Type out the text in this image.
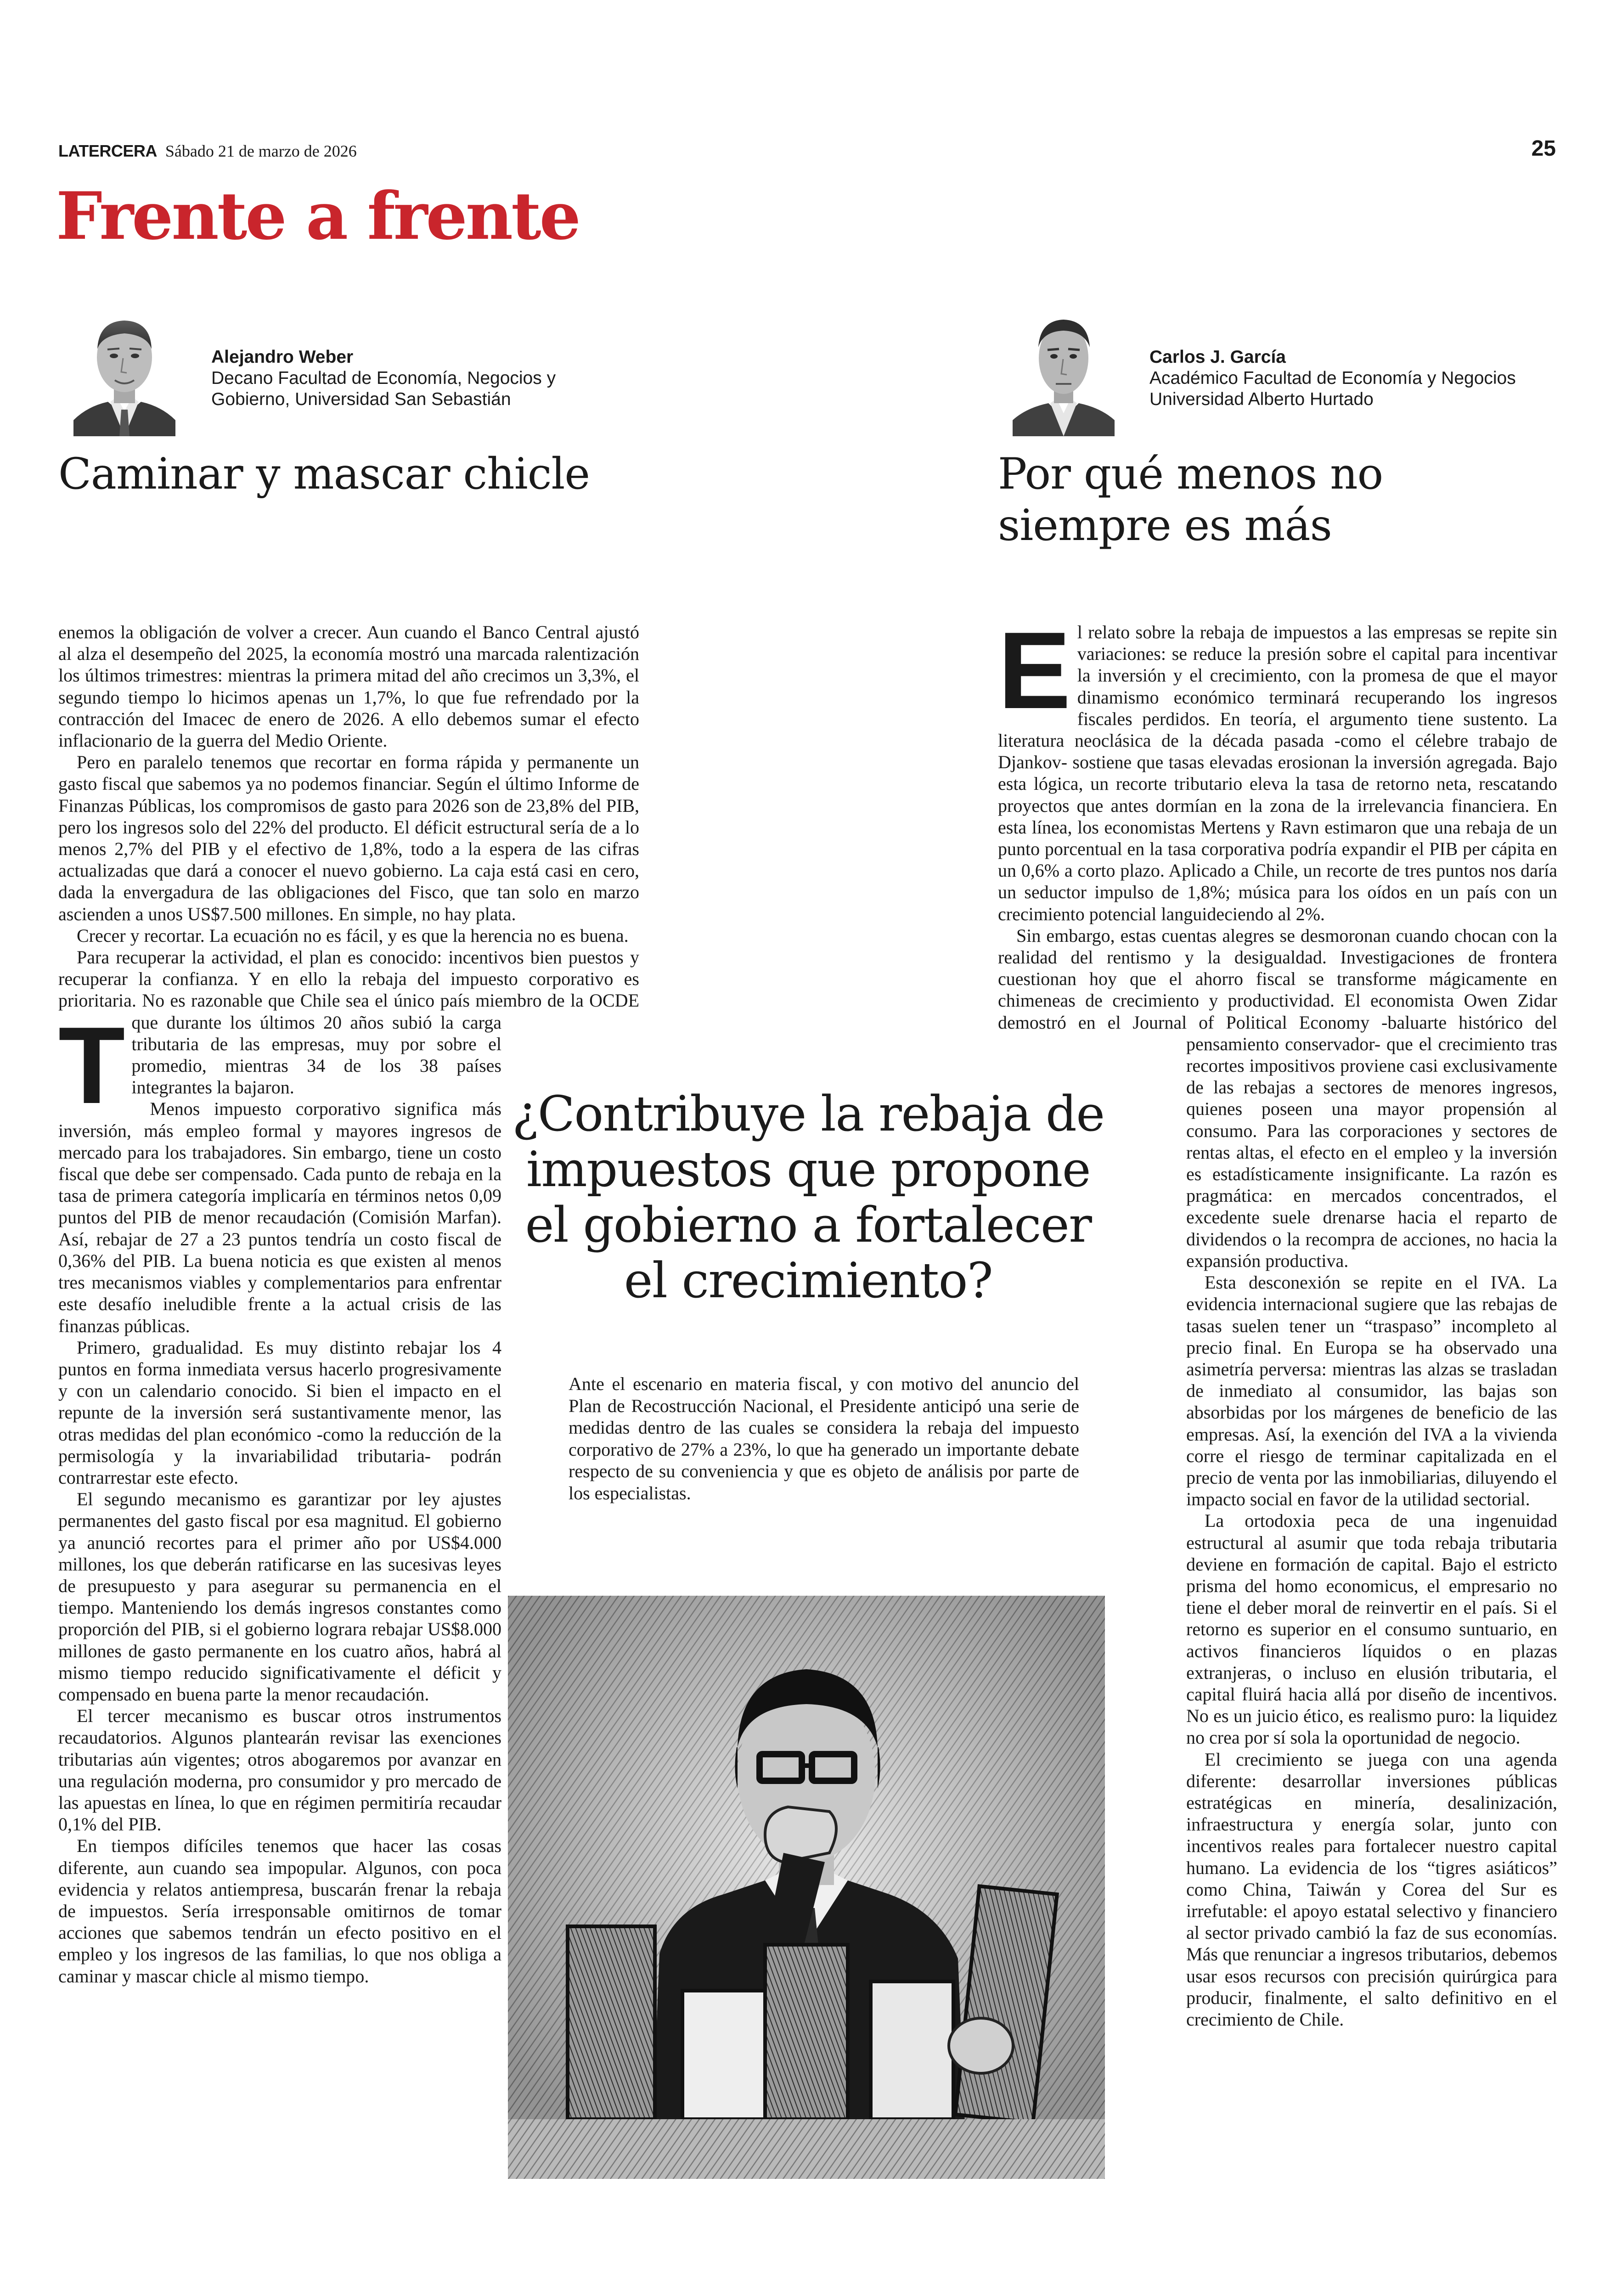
LATERCERA Sábado 21 de marzo de 2026	25
Frente a frente
Alejandro Weber
Decano Facultad de Economía, Negocios y
Gobierno, Universidad San Sebastián
Caminar y mascar chicle
Carlos J. García
Académico Facultad de Economía y Negocios
Universidad Alberto Hurtado
Por qué menos no
siempre es más
T

enemos la obligación de volver a crecer. Aun cuando el Banco Central ajustó al alza el desempeño del 2025, la economía mostró una marcada ralentización los últimos trimestres: mientras la primera mitad del año crecimos un 3,3%, el segundo tiempo lo hicimos apenas un 1,7%, lo que fue refrendado por la contracción del Imacec de enero de 2026. A ello debemos sumar el efecto inflacionario de la guerra del Medio Oriente.

Pero en paralelo tenemos que recortar en forma rápida y permanente un gasto fiscal que sabemos ya no podemos financiar. Según el último Informe de Finanzas Públicas, los compromisos de gasto para 2026 son de 23,8% del PIB, pero los ingresos solo del 22% del producto. El déficit estructural sería de a lo menos 2,7% del PIB y el efectivo de 1,8%, todo a la espera de las cifras actualizadas que dará a conocer el nuevo gobierno. La caja está casi en cero, dada la envergadura de las obligaciones del Fisco, que tan solo en marzo ascienden a unos US$7.500 millones. En simple, no hay plata.

Crecer y recortar. La ecuación no es fácil, y es que la herencia no es buena.

Para recuperar la actividad, el plan es conocido: incentivos bien puestos y recuperar la confianza. Y en ello la rebaja del impuesto corporativo es prioritaria. No es razonable que Chile sea el único país miembro de la OCDE que durante los últimos 20 años subió la carga tributaria de las empresas, muy por sobre el promedio, mientras 34 de los 38 países integrantes la bajaron.

Menos impuesto corporativo significa más inversión, más empleo formal y mayores ingresos de mercado para los trabajadores. Sin embargo, tiene un costo fiscal que debe ser compensado. Cada punto de rebaja en la tasa de primera categoría implicaría en términos netos 0,09 puntos del PIB de menor recaudación (Comisión Marfan). Así, rebajar de 27 a 23 puntos tendría un costo fiscal de 0,36% del PIB. La buena noticia es que existen al menos tres mecanismos viables y complementarios para enfrentar este desafío ineludible frente a la actual crisis de las finanzas públicas.

Primero, gradualidad. Es muy distinto rebajar los 4 puntos en forma inmediata versus hacerlo progresivamente y con un calendario conocido. Si bien el impacto en el repunte de la inversión será sustantivamente menor, las otras medidas del plan económico -como la reducción de la permisología y la invariabilidad tributaria- podrán contrarrestar este efecto.

El segundo mecanismo es garantizar por ley ajustes permanentes del gasto fiscal por esa magnitud. El gobierno ya anunció recortes para el primer año por US$4.000 millones, los que deberán ratificarse en las sucesivas leyes de presupuesto y para asegurar su permanencia en el tiempo. Manteniendo los demás ingresos constantes como proporción del PIB, si el gobierno lograra rebajar US$8.000 millones de gasto permanente en los cuatro años, habrá al mismo tiempo reducido significativamente el déficit y compensado en buena parte la menor recaudación.

El tercer mecanismo es buscar otros instrumentos recaudatorios. Algunos plantearán revisar las exenciones tributarias aún vigentes; otros abogaremos por avanzar en una regulación moderna, pro consumidor y pro mercado de las apuestas en línea, lo que en régimen permitiría recaudar 0,1% del PIB.

En tiempos difíciles tenemos que hacer las cosas diferente, aun cuando sea impopular. Algunos, con poca evidencia y relatos antiempresa, buscarán frenar la rebaja de impuestos. Sería irresponsable omitirnos de tomar acciones que sabemos tendrán un efecto positivo en el empleo y los ingresos de las familias, lo que nos obliga a caminar y mascar chicle al mismo tiempo.

E l relato sobre la rebaja de impuestos a las empresas se repite sin variaciones: se reduce la presión sobre el capital para incentivar la inversión y el crecimiento, con la promesa de que el mayor dinamismo económico terminará recuperando los ingresos fiscales perdidos. En teoría, el argumento tiene sustento. La literatura neoclásica de la década pasada -como el célebre trabajo de Djankov- sostiene que tasas elevadas erosionan la inversión agregada. Bajo esta lógica, un recorte tributario eleva la tasa de retorno neta, rescatando proyectos que antes dormían en la zona de la irrelevancia financiera. En esta línea, los economistas Mertens y Ravn estimaron que una rebaja de un punto porcentual en la tasa corporativa podría expandir el PIB per cápita en un 0,6% a corto plazo. Aplicado a Chile, un recorte de tres puntos nos daría un seductor impulso de 1,8%; música para los oídos en un país con un crecimiento potencial languideciendo al 2%.

Sin embargo, estas cuentas alegres se desmoronan cuando chocan con la realidad del rentismo y la desigualdad. Investigaciones de frontera cuestionan hoy que el ahorro fiscal se transforme mágicamente en chimeneas de crecimiento y productividad. El economista Owen Zidar demostró en el Journal of Political Economy -baluarte histórico del pensamiento conservador- que el crecimiento tras recortes impositivos proviene casi exclusivamente de las rebajas a sectores de menores ingresos, quienes poseen una mayor propensión al consumo. Para las corporaciones y sectores de rentas altas, el efecto en el empleo y la inversión es estadísticamente insignificante. La razón es pragmática: en mercados concentrados, el excedente suele drenarse hacia el reparto de dividendos o la recompra de acciones, no hacia la expansión productiva.

Esta desconexión se repite en el IVA. La evidencia internacional sugiere que las rebajas de tasas suelen tener un “traspaso” incompleto al precio final. En Europa se ha observado una asimetría perversa: mientras las alzas se trasladan de inmediato al consumidor, las bajas son absorbidas por los márgenes de beneficio de las empresas. Así, la exención del IVA a la vivienda corre el riesgo de terminar capitalizada en el precio de venta por las inmobiliarias, diluyendo el impacto social en favor de la utilidad sectorial.

La ortodoxia peca de una ingenuidad estructural al asumir que toda rebaja tributaria deviene en formación de capital. Bajo el estricto prisma del homo economicus, el empresario no tiene el deber moral de reinvertir en el país. Si el retorno es superior en el consumo suntuario, en activos financieros líquidos o en plazas extranjeras, o incluso en elusión tributaria, el capital fluirá hacia allá por diseño de incentivos. No es un juicio ético, es realismo puro: la liquidez no crea por sí sola la oportunidad de negocio.

El crecimiento se juega con una agenda diferente: desarrollar inversiones públicas estratégicas en minería, desalinización, infraestructura y energía solar, junto con incentivos reales para fortalecer nuestro capital humano. La evidencia de los “tigres asiáticos” como China, Taiwán y Corea del Sur es irrefutable: el apoyo estatal selectivo y financiero al sector privado cambió la faz de sus economías. Más que renunciar a ingresos tributarios, debemos usar esos recursos con precisión quirúrgica para producir, finalmente, el salto definitivo en el crecimiento de Chile.

¿Contribuye la rebaja de impuestos que propone el gobierno a fortalecer el crecimiento?
Ante el escenario en materia fiscal, y con motivo del anuncio del Plan de Recostrucción Nacional, el Presidente anticipó una serie de medidas dentro de las cuales se considera la rebaja del impuesto corporativo de 27% a 23%, lo que ha generado un importante debate respecto de su conveniencia y que es objeto de análisis por parte de los especialistas.
